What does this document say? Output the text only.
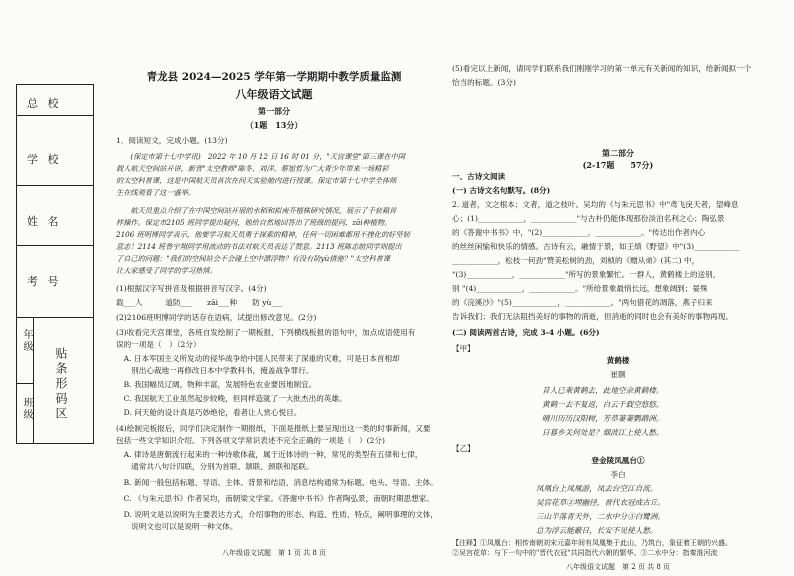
总 校
学 校
姓 名
考 号
年级
班级 贴条形码区
青龙县 2024—2025 学年第一学期期中教学质量监测
八年级语文试题
第一部分
（1题　13分）
1．阅读短文，完成小题。(13分)
　　(保定市第十七中学讯)　2022 年 10 月 12 日 16 时 01 分，"天宫课堂"第三课在中国
载人航天空间站开讲，新晋"太空教师"陈冬、刘洋、蔡旭哲为广大青少年带来一场精彩
的太空科普课，这是中国航天员首次在问天实验舱内进行授课。保定市第十七中学全体师
生在线观看了这一盛举。
　　航天员重点介绍了在中国空间站开展的水稻和拟南芥植株研究情况，展示了手套箱首
样操作。保定市2105 班同学提出疑问，他给自然地回答出了班级的提问，zāi种植物。
2106 班明博同学表示，他要学习航天员勇于探索的精神，任何一切困难都用不挫化的好坚韧
意志！2114 班鲁宇翔同学用流动的书法对航天员表达了赞意。2113 班陈志暄同学则提出
了自己的问题："我们的空间站会不会碰上空中漂浮物？有没有防yù措施？"太空科普课
让大家感受了同学的学习热情。
(1)根据汉字写拼音及根据拼音写汉字。(4分)
载___人　　　道防___　　zāi___种　　防 yù___
(2)2106班明博同学的话存在语病，试提出修改意见。(2分)
(3)收看完天宫课堂，各班自发绘制了一期板报，下列横线板报的语句中，加点成语使用有
误的一项是（　）（2分）
　A. 日本军国主义所发动的侵华战争给中国人民带来了深重的灾难，可是日本首相却
　　别出心裁地一再修改日本中学教科书，掩盖战争罪行。
　B. 我国幅员辽阔，物种丰富，发展特色农业要因地制宜。
　C. 我国航天工业虽然起步较晚，但同样造就了一大批杰出的英雄。
　D. 问天舱的设计真是巧妙绝伦，看者让人赏心悦目。
(4)绘制完板报后，同学们决定制作一期报纸，下面是报纸上要呈现出这一类的时事新闻，又要
包括一些文学知识介绍。下列各项文学常识表述不完全正确的一项是（　）(2分)
　A. 律诗是唐朝流行起来的一种诗歌体裁，属于近体诗的一种，常见的类型有五律和七律，
　　通常共八句计四联，分别为首联、颔联、颈联和尾联。
　B. 新闻一般包括标题、导语、主体、背景和结语，消息结构通常为标题、电头、导语、主体。
　C. 《与朱元思书》作者吴均，南朝梁文学家。《答谢中书书》作者陶弘景，南朝时期思想家。
　D. 说明文是以说明为主要表达方式，介绍事物的形态、构造、性质、特点，阐明事理的文体，
　　说明文也可以是说明一种文体。
八年级语文试题　第 1 页 共 8 页
(5)看完以上新闻，请同学们联系我们刚刚学习的第一单元有关新闻的知识，给新闻拟一个
恰当的标题。(3分)
第二部分
(2-17题　　57分)
一、古诗文阅读
(一) 古诗文名句默写。(8分)
2. 道者，文之根本；文者，道之枝叶。吴均的《与朱元思书》中"鸢飞戾天者，望峰息
心；(1)____________，____________"与古朴仍能体现那份淡泊名利之心；陶弘景
的《答谢中书书》中，"(2)____________，____________。"传达出作者内心
的丝丝闲愉和快乐的情感。古诗有云，融情于景，如王绩《野望》中"(3)____________
____________，松枝一何劲"赞美松树的劲，刘桢的《赠从弟》(其二) 中，
"(3)____________，____________"所写的景象繁忙。一群人，黄鹤楼上的送别，
别 "(4)____________，____________。"所给景象最悄长远，想象阔到；晏殊
的《浣溪沙》"(5)____________，____________。"两句借花的凋落，燕子归来
告诉我们；我们无法阻挡美好的事物的消逝，但消逝的同时也会有美好的事物再现。
(二) 阅读两首古诗，完成 3-4 小题。(6分)
【甲】
黄鹤楼
崔颢
昔人已乘黄鹤去，此地空余黄鹤楼。
黄鹤一去不复返，白云千载空悠悠。
晴川历历汉阳树，芳草萋萋鹦鹉洲。
日暮乡关何处是？烟波江上使人愁。
【乙】
登金陵凤凰台①
李白
凤凰台上凤凰游，凤去台空江自流。
吴宫花草②埋幽径，晋代衣冠成古丘。
三山半落青天外，二水中分③白鹭洲。
总为浮云能蔽日，长安不见使人愁。
【注释】①凤凰台：相传南朝刘宋元嘉年间有凤凰集于此山，乃筑台，象征着王朝的兴盛。
②吴宫花草：与下一句中的"晋代衣冠"共同指代六朝的繁华。③二水中分：指秦淮河流
八年级语文试题　第 2 页 共 8 页
